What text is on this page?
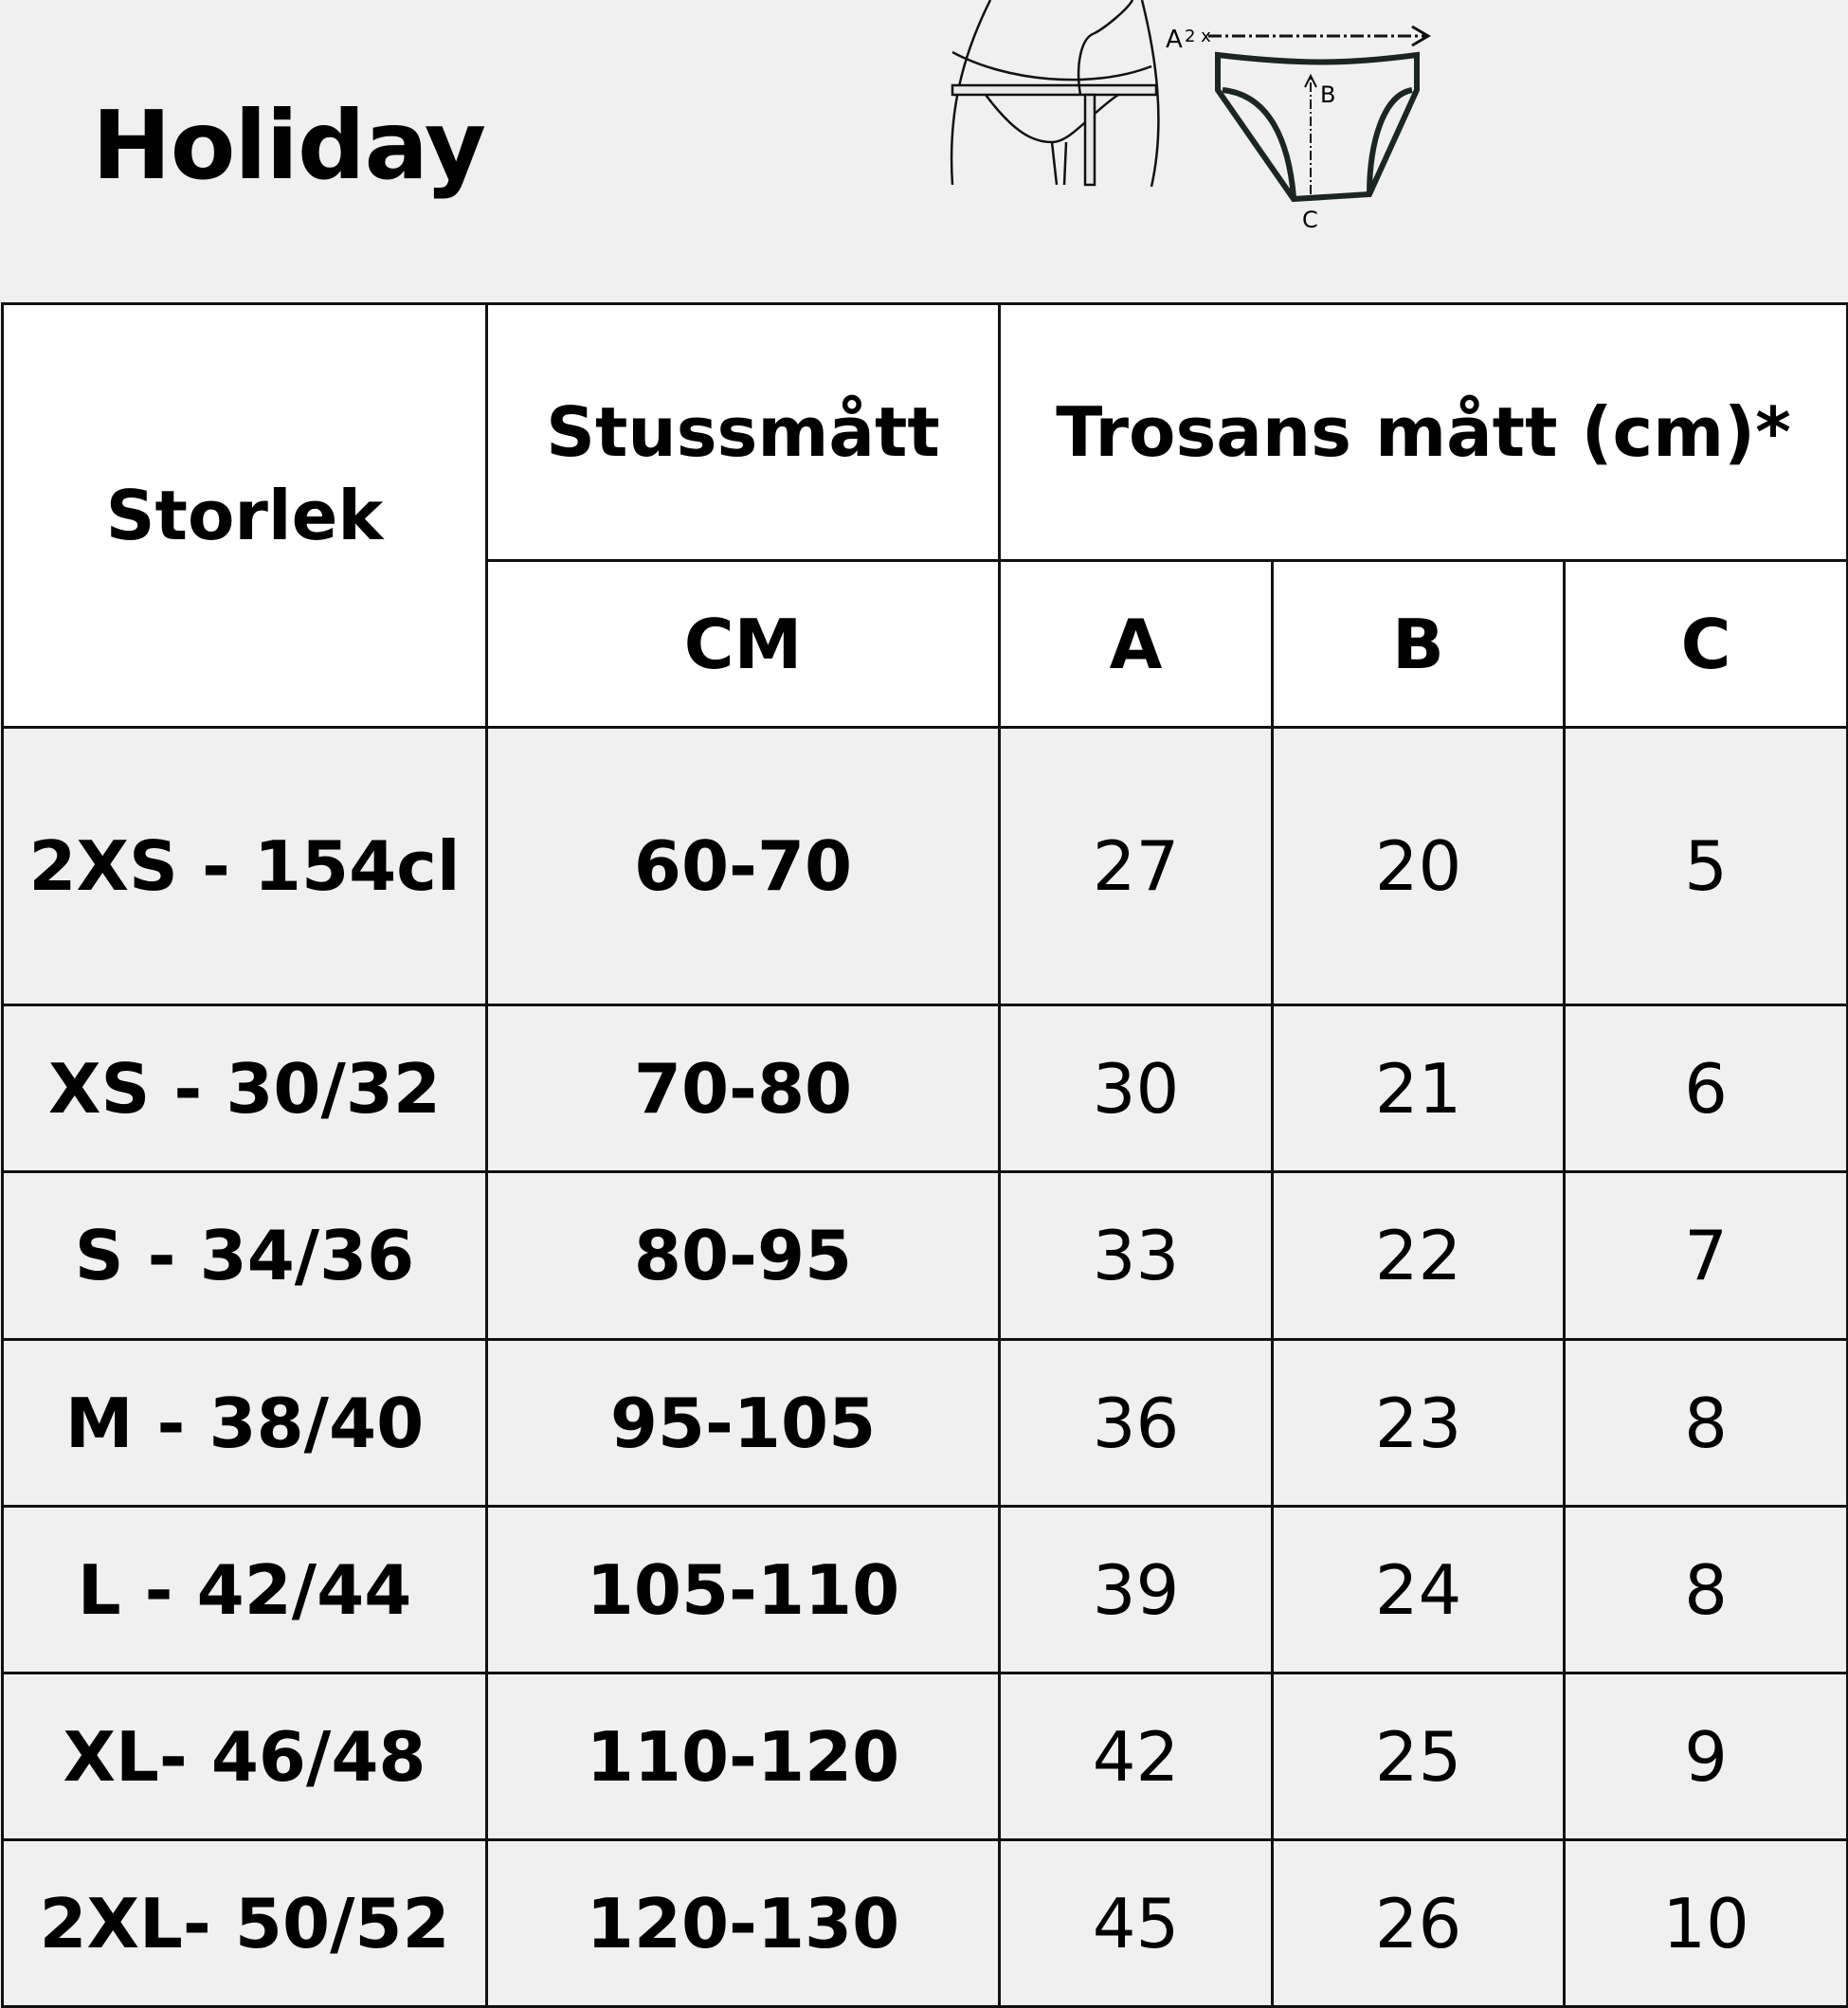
Holiday
A 2 x
B
C
Storlek	Stussmått	Trosans mått (cm)*		
	CM	A	B	C
2XS - 154cl	60-70	27	20	5
XS - 30/32	70-80	30	21	6
S - 34/36	80-95	33	22	7
M - 38/40	95-105	36	23	8
L - 42/44	105-110	39	24	8
XL- 46/48	110-120	42	25	9
2XL- 50/52	120-130	45	26	10
